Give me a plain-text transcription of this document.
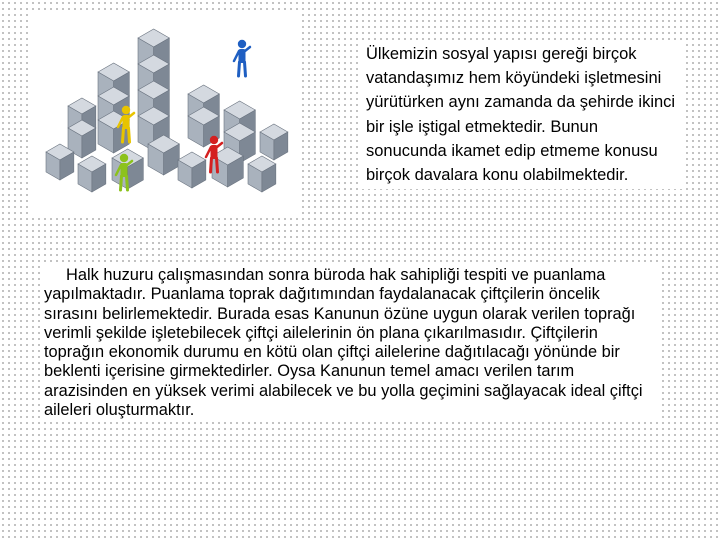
Ülkemizin sosyal yapısı gereği birçok vatandaşımız hem köyündeki işletmesini yürütürken aynı zamanda da şehirde ikinci bir işle iştigal etmektedir. Bunun sonucunda ikamet edip etmeme konusu birçok davalara konu olabilmektedir.
Halk huzuru çalışmasından sonra büroda hak sahipliği tespiti ve puanlama yapılmaktadır. Puanlama toprak dağıtımından faydalanacak çiftçilerin öncelik sırasını belirlemektedir. Burada esas Kanunun özüne uygun olarak verilen toprağı verimli şekilde işletebilecek çiftçi ailelerinin ön plana çıkarılmasıdır. Çiftçilerin toprağın ekonomik durumu en kötü olan çiftçi ailelerine dağıtılacağı yönünde bir beklenti içerisine girmektedirler. Oysa Kanunun temel amacı verilen tarım arazisinden en yüksek verimi alabilecek ve bu yolla geçimini sağlayacak ideal çiftçi aileleri oluşturmaktır.
